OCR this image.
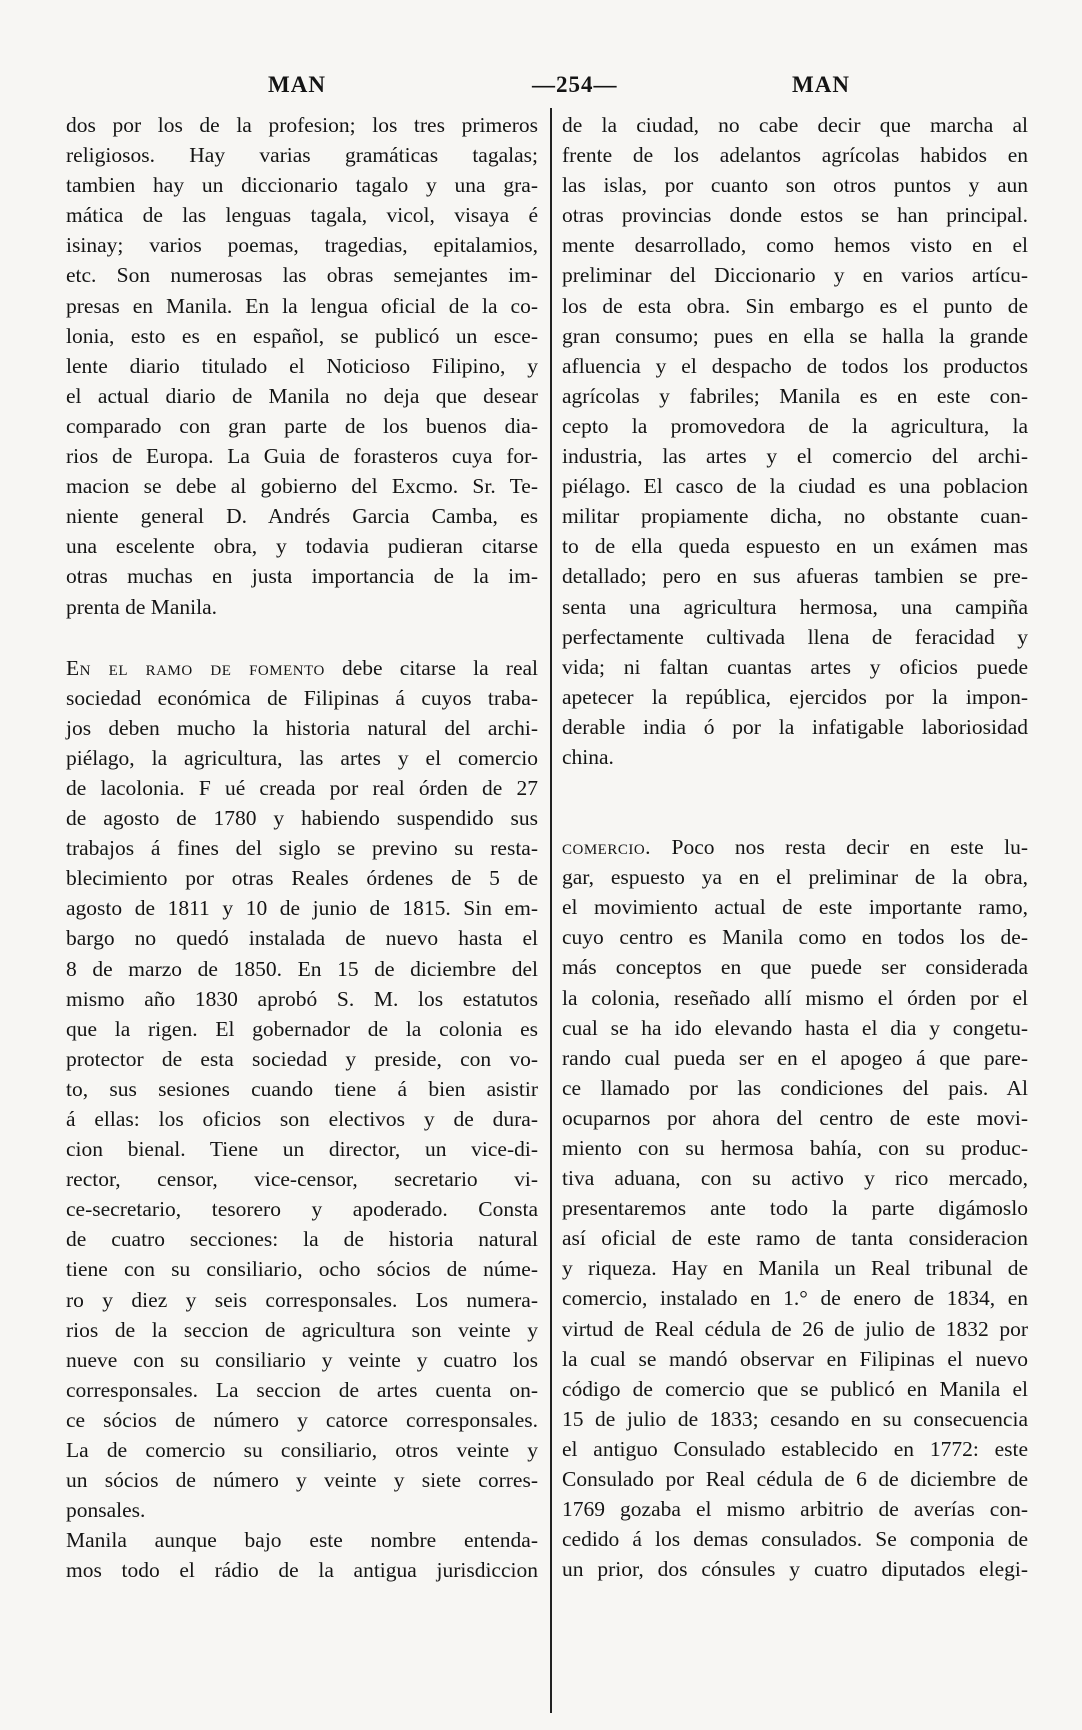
MAN	—254—	MAN

dos por los de la profesion; los tres primeros

religiosos. Hay varias gramáticas tagalas;

tambien hay un diccionario tagalo y una gra-

mática de las lenguas tagala, vicol, visaya é

isinay; varios poemas, tragedias, epitalamios,

etc. Son numerosas las obras semejantes im-

presas en Manila. En la lengua oficial de la co-

lonia, esto es en español, se publicó un esce-

lente diario titulado el Noticioso Filipino, y

el actual diario de Manila no deja que desear

comparado con gran parte de los buenos dia-

rios de Europa. La Guia de forasteros cuya for-

macion se debe al gobierno del Excmo. Sr. Te-

niente general D. Andrés Garcia Camba, es

una escelente obra, y todavia pudieran citarse

otras muchas en justa importancia de la im-

prenta de Manila.

En el ramo de fomento debe citarse la real

sociedad económica de Filipinas á cuyos traba-

jos deben mucho la historia natural del archi-

piélago, la agricultura, las artes y el comercio

de lacolonia. F ué creada por real órden de 27

de agosto de 1780 y habiendo suspendido sus

trabajos á fines del siglo se previno su resta-

blecimiento por otras Reales órdenes de 5 de

agosto de 1811 y 10 de junio de 1815. Sin em-

bargo no quedó instalada de nuevo hasta el

8 de marzo de 1850. En 15 de diciembre del

mismo año 1830 aprobó S. M. los estatutos

que la rigen. El gobernador de la colonia es

protector de esta sociedad y preside, con vo-

to, sus sesiones cuando tiene á bien asistir

á ellas: los oficios son electivos y de dura-

cion bienal. Tiene un director, un vice-di-

rector, censor, vice-censor, secretario vi-

ce-secretario, tesorero y apoderado. Consta

de cuatro secciones: la de historia natural

tiene con su consiliario, ocho sócios de núme-

ro y diez y seis corresponsales. Los numera-

rios de la seccion de agricultura son veinte y

nueve con su consiliario y veinte y cuatro los

corresponsales. La seccion de artes cuenta on-

ce sócios de número y catorce corresponsales.

La de comercio su consiliario, otros veinte y

un sócios de número y veinte y siete corres-

ponsales.

Manila aunque bajo este nombre entenda-

mos todo el rádio de la antigua jurisdiccion

de la ciudad, no cabe decir que marcha al

frente de los adelantos agrícolas habidos en

las islas, por cuanto son otros puntos y aun

otras provincias donde estos se han principal.

mente desarrollado, como hemos visto en el

preliminar del Diccionario y en varios artícu-

los de esta obra. Sin embargo es el punto de

gran consumo; pues en ella se halla la grande

afluencia y el despacho de todos los productos

agrícolas y fabriles; Manila es en este con-

cepto la promovedora de la agricultura, la

industria, las artes y el comercio del archi-

piélago. El casco de la ciudad es una poblacion

militar propiamente dicha, no obstante cuan-

to de ella queda espuesto en un exámen mas

detallado; pero en sus afueras tambien se pre-

senta una agricultura hermosa, una campiña

perfectamente cultivada llena de feracidad y

vida; ni faltan cuantas artes y oficios puede

apetecer la república, ejercidos por la impon-

derable india ó por la infatigable laboriosidad

china.

comercio. Poco nos resta decir en este lu-

gar, espuesto ya en el preliminar de la obra,

el movimiento actual de este importante ramo,

cuyo centro es Manila como en todos los de-

más conceptos en que puede ser considerada

la colonia, reseñado allí mismo el órden por el

cual se ha ido elevando hasta el dia y congetu-

rando cual pueda ser en el apogeo á que pare-

ce llamado por las condiciones del pais. Al

ocuparnos por ahora del centro de este movi-

miento con su hermosa bahía, con su produc-

tiva aduana, con su activo y rico mercado,

presentaremos ante todo la parte digámoslo

así oficial de este ramo de tanta consideracion

y riqueza. Hay en Manila un Real tribunal de

comercio, instalado en 1.° de enero de 1834, en

virtud de Real cédula de 26 de julio de 1832 por

la cual se mandó observar en Filipinas el nuevo

código de comercio que se publicó en Manila el

15 de julio de 1833; cesando en su consecuencia

el antiguo Consulado establecido en 1772: este

Consulado por Real cédula de 6 de diciembre de

1769 gozaba el mismo arbitrio de averías con-

cedido á los demas consulados. Se componia de

un prior, dos cónsules y cuatro diputados elegi-
